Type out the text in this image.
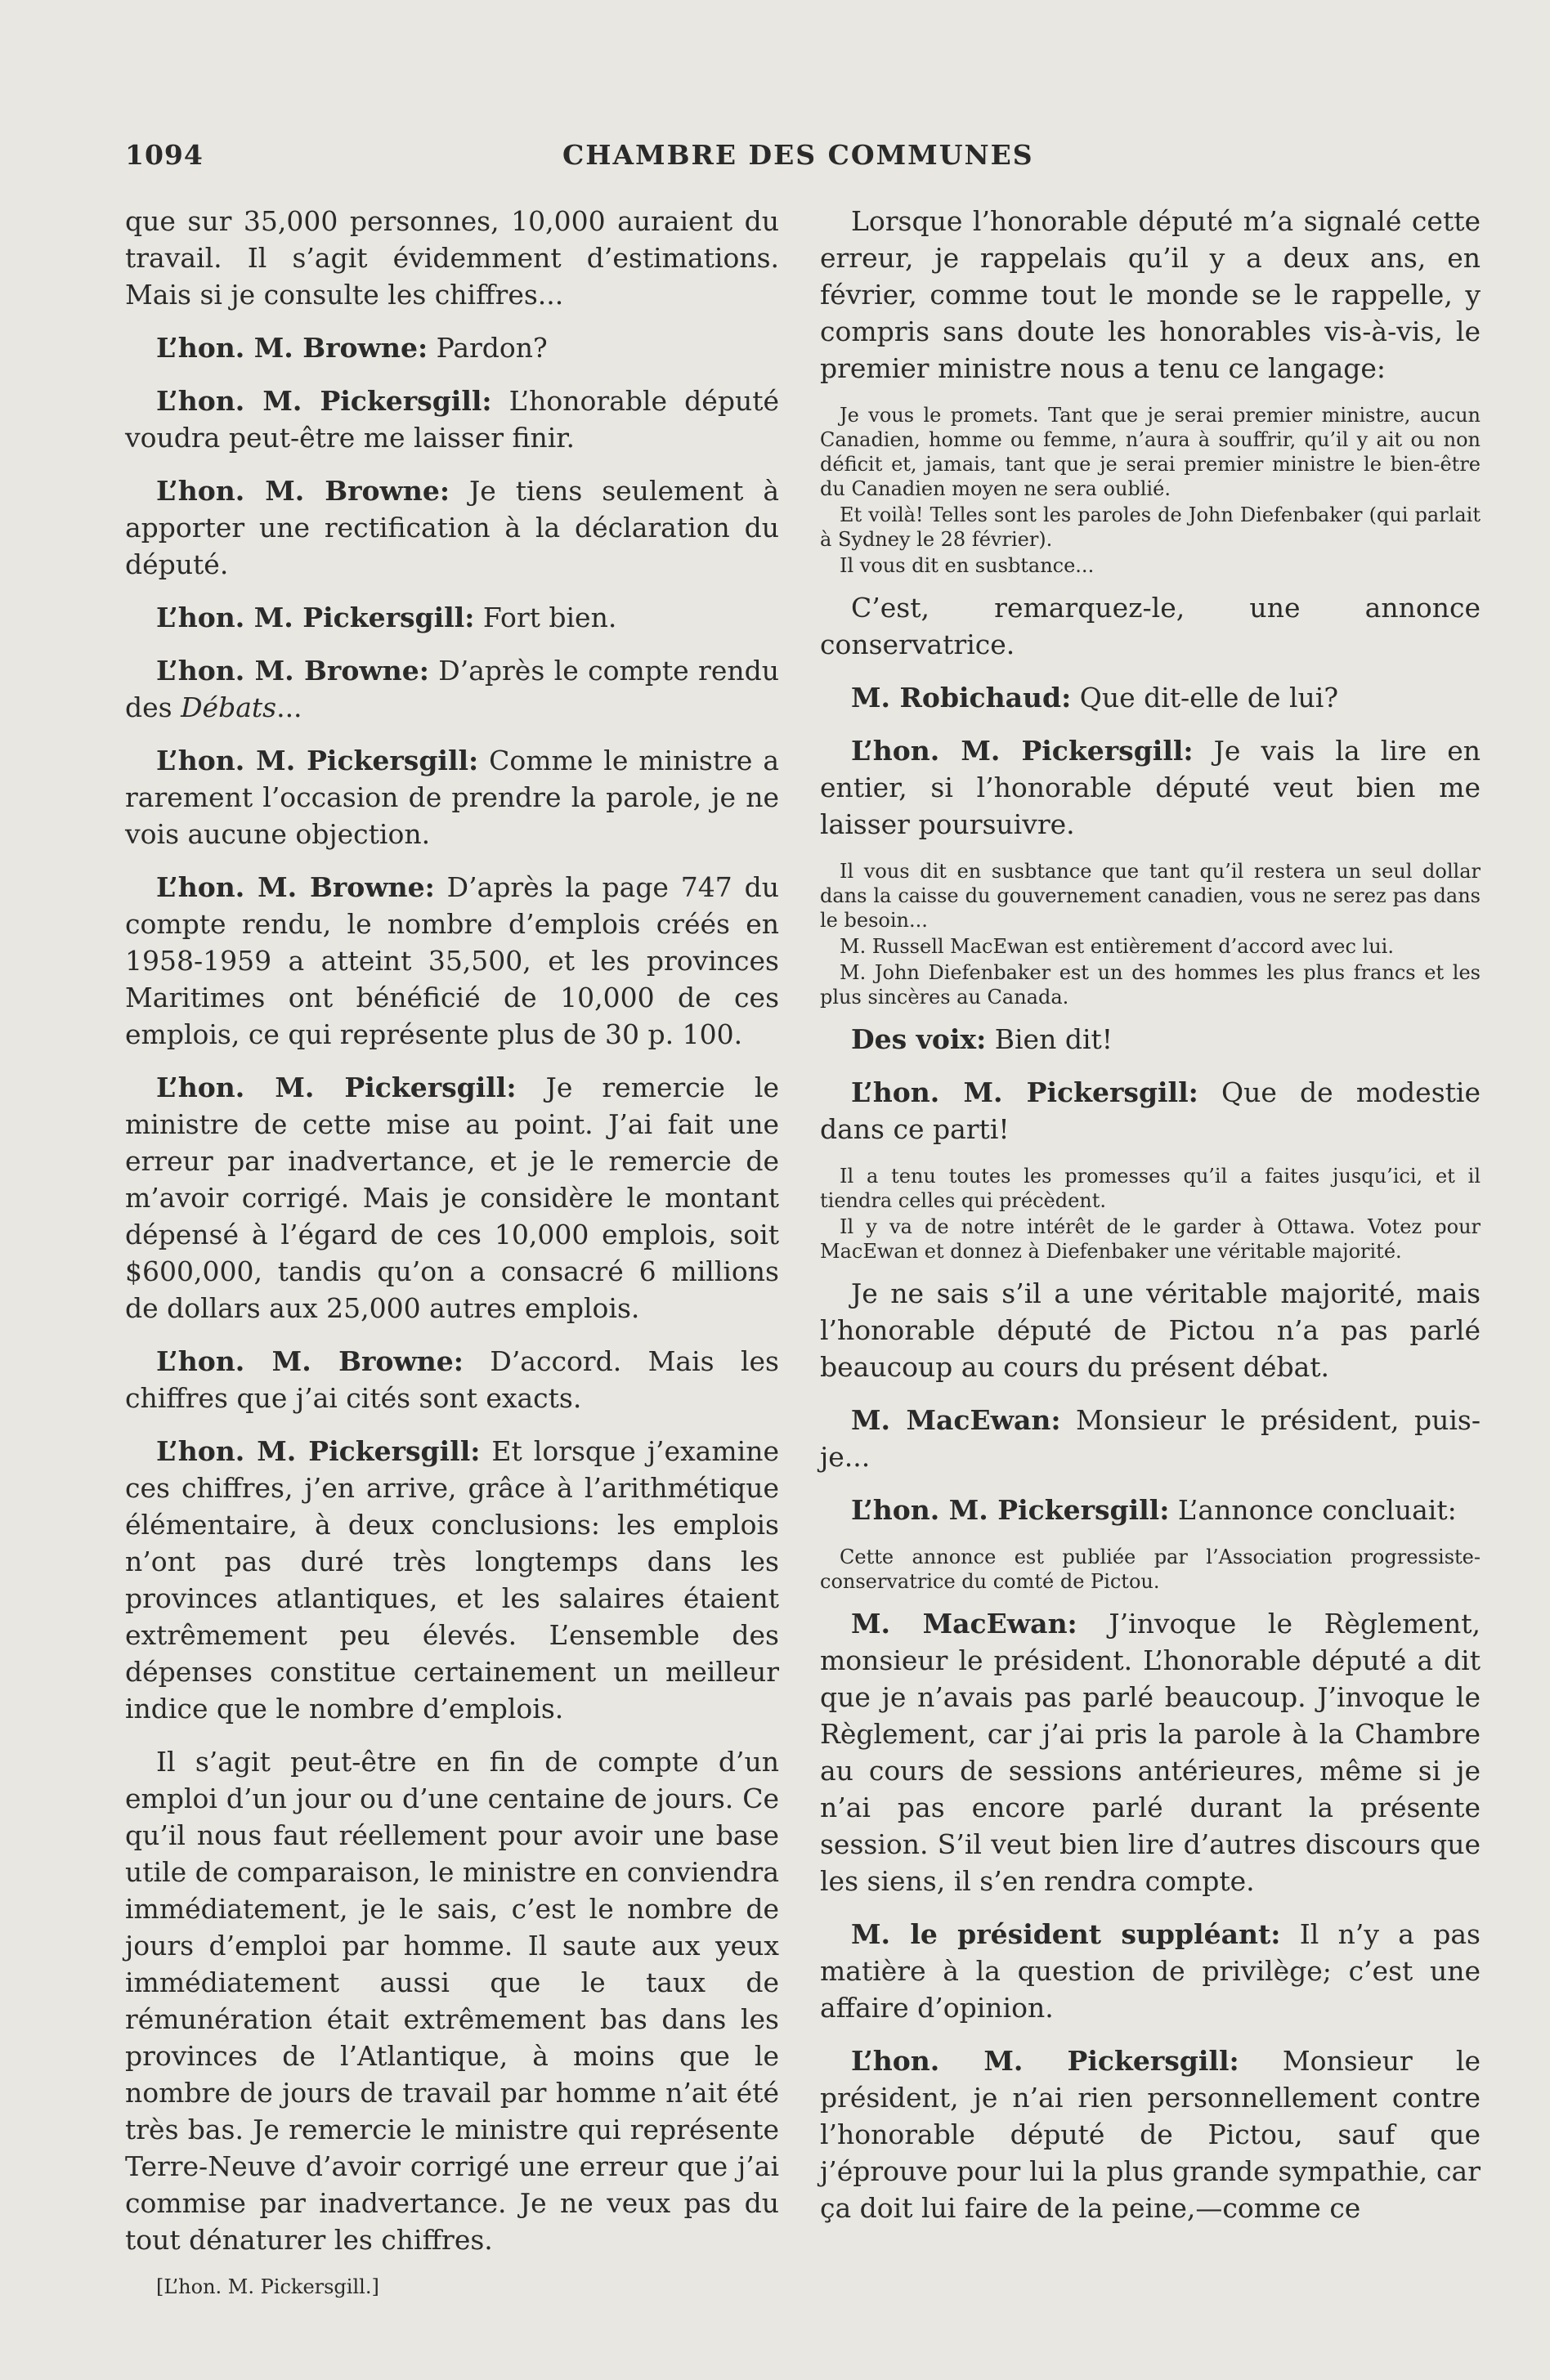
1094	CHAMBRE DES COMMUNES

que sur 35,000 personnes, 10,000 auraient du travail. Il s’agit évidemment d’estimations. Mais si je consulte les chiffres...

L’hon. M. Browne: Pardon?

L’hon. M. Pickersgill: L’honorable député voudra peut-être me laisser finir.

L’hon. M. Browne: Je tiens seulement à apporter une rectification à la déclaration du député.

L’hon. M. Pickersgill: Fort bien.

L’hon. M. Browne: D’après le compte rendu des Débats...

L’hon. M. Pickersgill: Comme le ministre a rarement l’occasion de prendre la parole, je ne vois aucune objection.

L’hon. M. Browne: D’après la page 747 du compte rendu, le nombre d’emplois créés en 1958-1959 a atteint 35,500, et les provinces Maritimes ont bénéficié de 10,000 de ces emplois, ce qui représente plus de 30 p. 100.

L’hon. M. Pickersgill: Je remercie le ministre de cette mise au point. J’ai fait une erreur par inadvertance, et je le remercie de m’avoir corrigé. Mais je considère le montant dépensé à l’égard de ces 10,000 emplois, soit $600,000, tandis qu’on a consacré 6 millions de dollars aux 25,000 autres emplois.

L’hon. M. Browne: D’accord. Mais les chiffres que j’ai cités sont exacts.

L’hon. M. Pickersgill: Et lorsque j’examine ces chiffres, j’en arrive, grâce à l’arithmétique élémentaire, à deux conclusions: les emplois n’ont pas duré très longtemps dans les provinces atlantiques, et les salaires étaient extrêmement peu élevés. L’ensemble des dépenses constitue certainement un meilleur indice que le nombre d’emplois.

Il s’agit peut-être en fin de compte d’un emploi d’un jour ou d’une centaine de jours. Ce qu’il nous faut réellement pour avoir une base utile de comparaison, le ministre en conviendra immédiatement, je le sais, c’est le nombre de jours d’emploi par homme. Il saute aux yeux immédiatement aussi que le taux de rémunération était extrêmement bas dans les provinces de l’Atlantique, à moins que le nombre de jours de travail par homme n’ait été très bas. Je remercie le ministre qui représente Terre-Neuve d’avoir corrigé une erreur que j’ai commise par inadvertance. Je ne veux pas du tout dénaturer les chiffres.

[L’hon. M. Pickersgill.]

Lorsque l’honorable député m’a signalé cette erreur, je rappelais qu’il y a deux ans, en février, comme tout le monde se le rappelle, y compris sans doute les honorables vis-à-vis, le premier ministre nous a tenu ce langage:

Je vous le promets. Tant que je serai premier ministre, aucun Canadien, homme ou femme, n’aura à souffrir, qu’il y ait ou non déficit et, jamais, tant que je serai premier ministre le bien-être du Canadien moyen ne sera oublié.
Et voilà! Telles sont les paroles de John Diefenbaker (qui parlait à Sydney le 28 février).
Il vous dit en susbtance...

C’est, remarquez-le, une annonce conservatrice.

M. Robichaud: Que dit-elle de lui?

L’hon. M. Pickersgill: Je vais la lire en entier, si l’honorable député veut bien me laisser poursuivre.

Il vous dit en susbtance que tant qu’il restera un seul dollar dans la caisse du gouvernement canadien, vous ne serez pas dans le besoin...
M. Russell MacEwan est entièrement d’accord avec lui.
M. John Diefenbaker est un des hommes les plus francs et les plus sincères au Canada.

Des voix: Bien dit!

L’hon. M. Pickersgill: Que de modestie dans ce parti!

Il a tenu toutes les promesses qu’il a faites jusqu’ici, et il tiendra celles qui précèdent.
Il y va de notre intérêt de le garder à Ottawa. Votez pour MacEwan et donnez à Diefenbaker une véritable majorité.

Je ne sais s’il a une véritable majorité, mais l’honorable député de Pictou n’a pas parlé beaucoup au cours du présent débat.

M. MacEwan: Monsieur le président, puis-je...

L’hon. M. Pickersgill: L’annonce concluait:

Cette annonce est publiée par l’Association progressiste-conservatrice du comté de Pictou.

M. MacEwan: J’invoque le Règlement, monsieur le président. L’honorable député a dit que je n’avais pas parlé beaucoup. J’invoque le Règlement, car j’ai pris la parole à la Chambre au cours de sessions antérieures, même si je n’ai pas encore parlé durant la présente session. S’il veut bien lire d’autres discours que les siens, il s’en rendra compte.

M. le président suppléant: Il n’y a pas matière à la question de privilège; c’est une affaire d’opinion.

L’hon. M. Pickersgill: Monsieur le président, je n’ai rien personnellement contre l’honorable député de Pictou, sauf que j’éprouve pour lui la plus grande sympathie, car ça doit lui faire de la peine,—comme ce
